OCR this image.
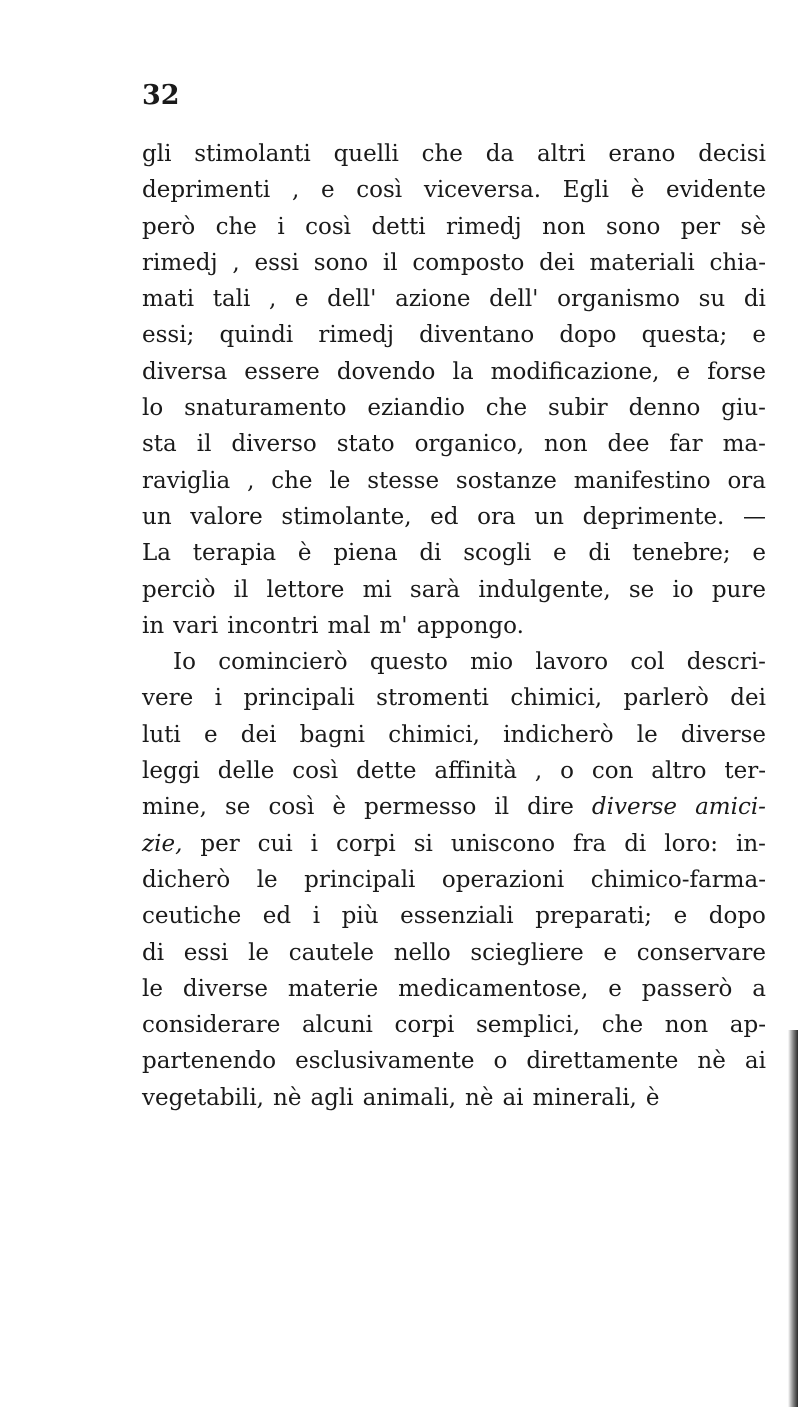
32
gli stimolanti quelli che da altri erano decisi
deprimenti , e così viceversa. Egli è evidente
però che i così detti rimedj non sono per sè
rimedj , essi sono il composto dei materiali chia-
mati tali , e dell' azione dell' organismo su di
essi; quindi rimedj diventano dopo questa; e
diversa essere dovendo la modificazione, e forse
lo snaturamento eziandio che subir denno giu-
sta il diverso stato organico, non dee far ma-
raviglia , che le stesse sostanze manifestino ora
un valore stimolante, ed ora un deprimente. —
La terapia è piena di scogli e di tenebre; e
perciò il lettore mi sarà indulgente, se io pure
in vari incontri mal m' appongo.
Io comincierò questo mio lavoro col descri-
vere i principali stromenti chimici, parlerò dei
luti e dei bagni chimici, indicherò le diverse
leggi delle così dette affinità , o con altro ter-
mine, se così è permesso il dire diverse amici-
zie, per cui i corpi si uniscono fra di loro: in-
dicherò le principali operazioni chimico-farma-
ceutiche ed i più essenziali preparati; e dopo
di essi le cautele nello sciegliere e conservare
le diverse materie medicamentose, e passerò a
considerare alcuni corpi semplici, che non ap-
partenendo esclusivamente o direttamente nè ai
vegetabili, nè agli animali, nè ai minerali, è
